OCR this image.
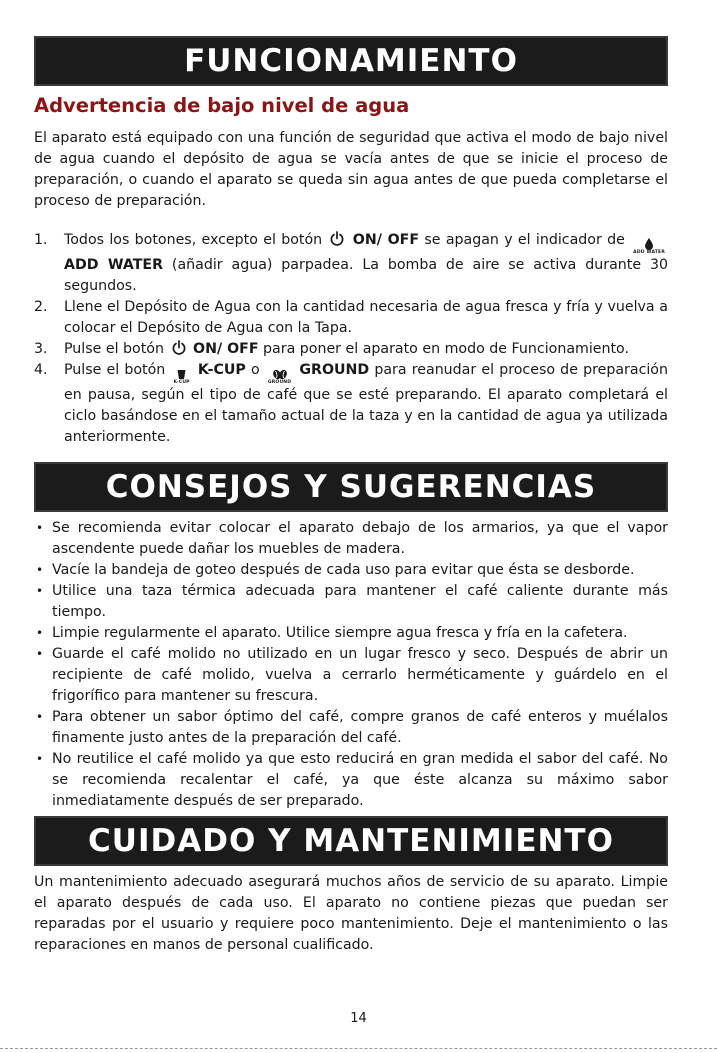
FUNCIONAMIENTO
Advertencia de bajo nivel de agua

El aparato está equipado con una función de seguridad que activa el modo de bajo nivel de agua cuando el depósito de agua se vacía antes de que se inicie el proceso de preparación, o cuando el aparato se queda sin agua antes de que pueda completarse el proceso de preparación.

1. Todos los botones, excepto el botón ON/ OFF se apagan y el indicador de
ADD WATER
ADD WATER (añadir agua) parpadea. La bomba de aire se activa durante 30 segundos.
2. Llene el Depósito de Agua con la cantidad necesaria de agua fresca y fría y vuelva a colocar el Depósito de Agua con la Tapa.
3. Pulse el botón ON/ OFF para poner el aparato en modo de Funcionamiento.
4. Pulse el botón
K-CUP
K-CUP o
GROUND
GROUND para reanudar el proceso de preparación en pausa, según el tipo de café que se esté preparando. El aparato completará el ciclo basándose en el tamaño actual de la taza y en la cantidad de agua ya utilizada anteriormente.
CONSEJOS Y SUGERENCIAS
• Se recomienda evitar colocar el aparato debajo de los armarios, ya que el vapor ascendente puede dañar los muebles de madera.
• Vacíe la bandeja de goteo después de cada uso para evitar que ésta se desborde.
• Utilice una taza térmica adecuada para mantener el café caliente durante más tiempo.
• Limpie regularmente el aparato. Utilice siempre agua fresca y fría en la cafetera.
• Guarde el café molido no utilizado en un lugar fresco y seco. Después de abrir un recipiente de café molido, vuelva a cerrarlo herméticamente y guárdelo en el frigorífico para mantener su frescura.
• Para obtener un sabor óptimo del café, compre granos de café enteros y muélalos finamente justo antes de la preparación del café.
• No reutilice el café molido ya que esto reducirá en gran medida el sabor del café. No se recomienda recalentar el café, ya que éste alcanza su máximo sabor inmediatamente después de ser preparado.
CUIDADO Y MANTENIMIENTO

Un mantenimiento adecuado asegurará muchos años de servicio de su aparato. Limpie el aparato después de cada uso. El aparato no contiene piezas que puedan ser reparadas por el usuario y requiere poco mantenimiento. Deje el mantenimiento o las reparaciones en manos de personal cualificado.

14
